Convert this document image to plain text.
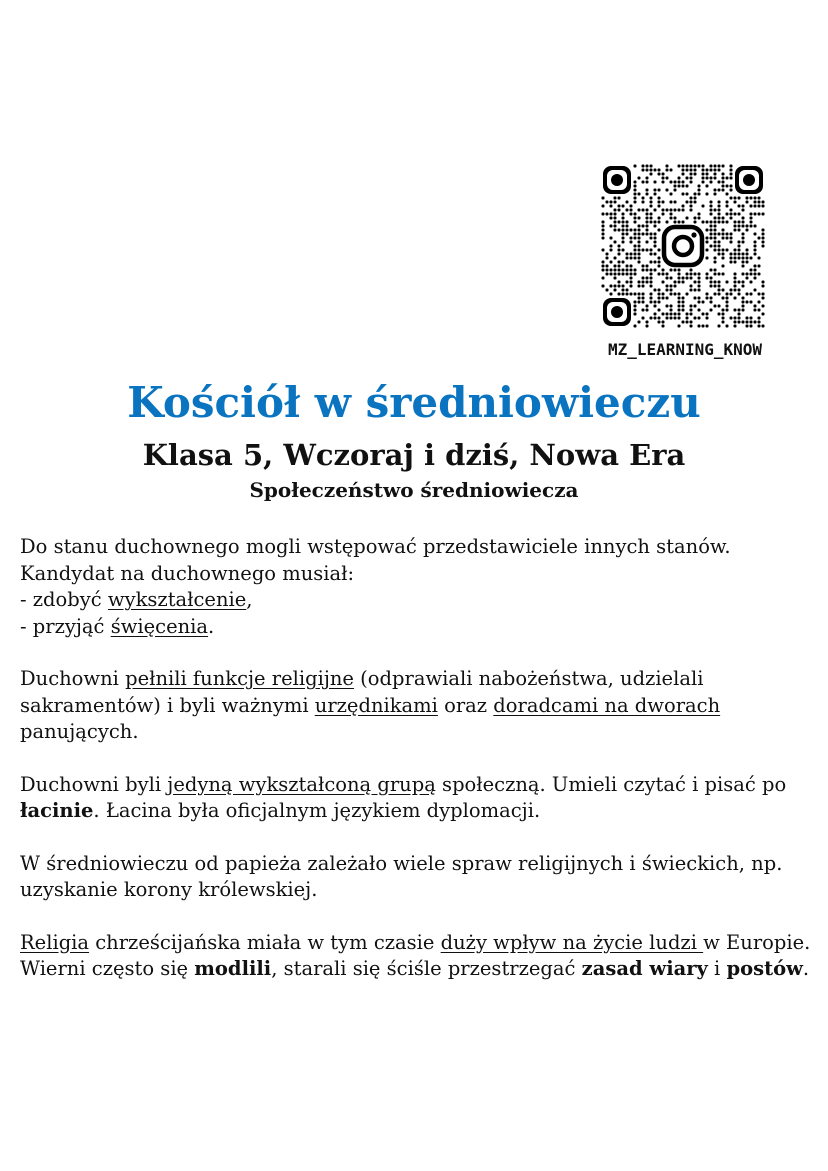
MZ_LEARNING_KNOW
Kościół w średniowieczu
Klasa 5, Wczoraj i dziś, Nowa Era
Społeczeństwo średniowiecza

Do stanu duchownego mogli wstępować przedstawiciele innych stanów.
Kandydat na duchownego musiał:
- zdobyć wykształcenie,
- przyjąć święcenia.

Duchowni pełnili funkcje religijne (odprawiali nabożeństwa, udzielali sakramentów) i byli ważnymi urzędnikami oraz doradcami na dworach panujących.

Duchowni byli jedyną wykształconą grupą społeczną. Umieli czytać i pisać po łacinie. Łacina była oficjalnym językiem dyplomacji.

W średniowieczu od papieża zależało wiele spraw religijnych i świeckich, np. uzyskanie korony królewskiej.

Religia chrześcijańska miała w tym czasie duży wpływ na życie ludzi w Europie. Wierni często się modlili, starali się ściśle przestrzegać zasad wiary i postów.
